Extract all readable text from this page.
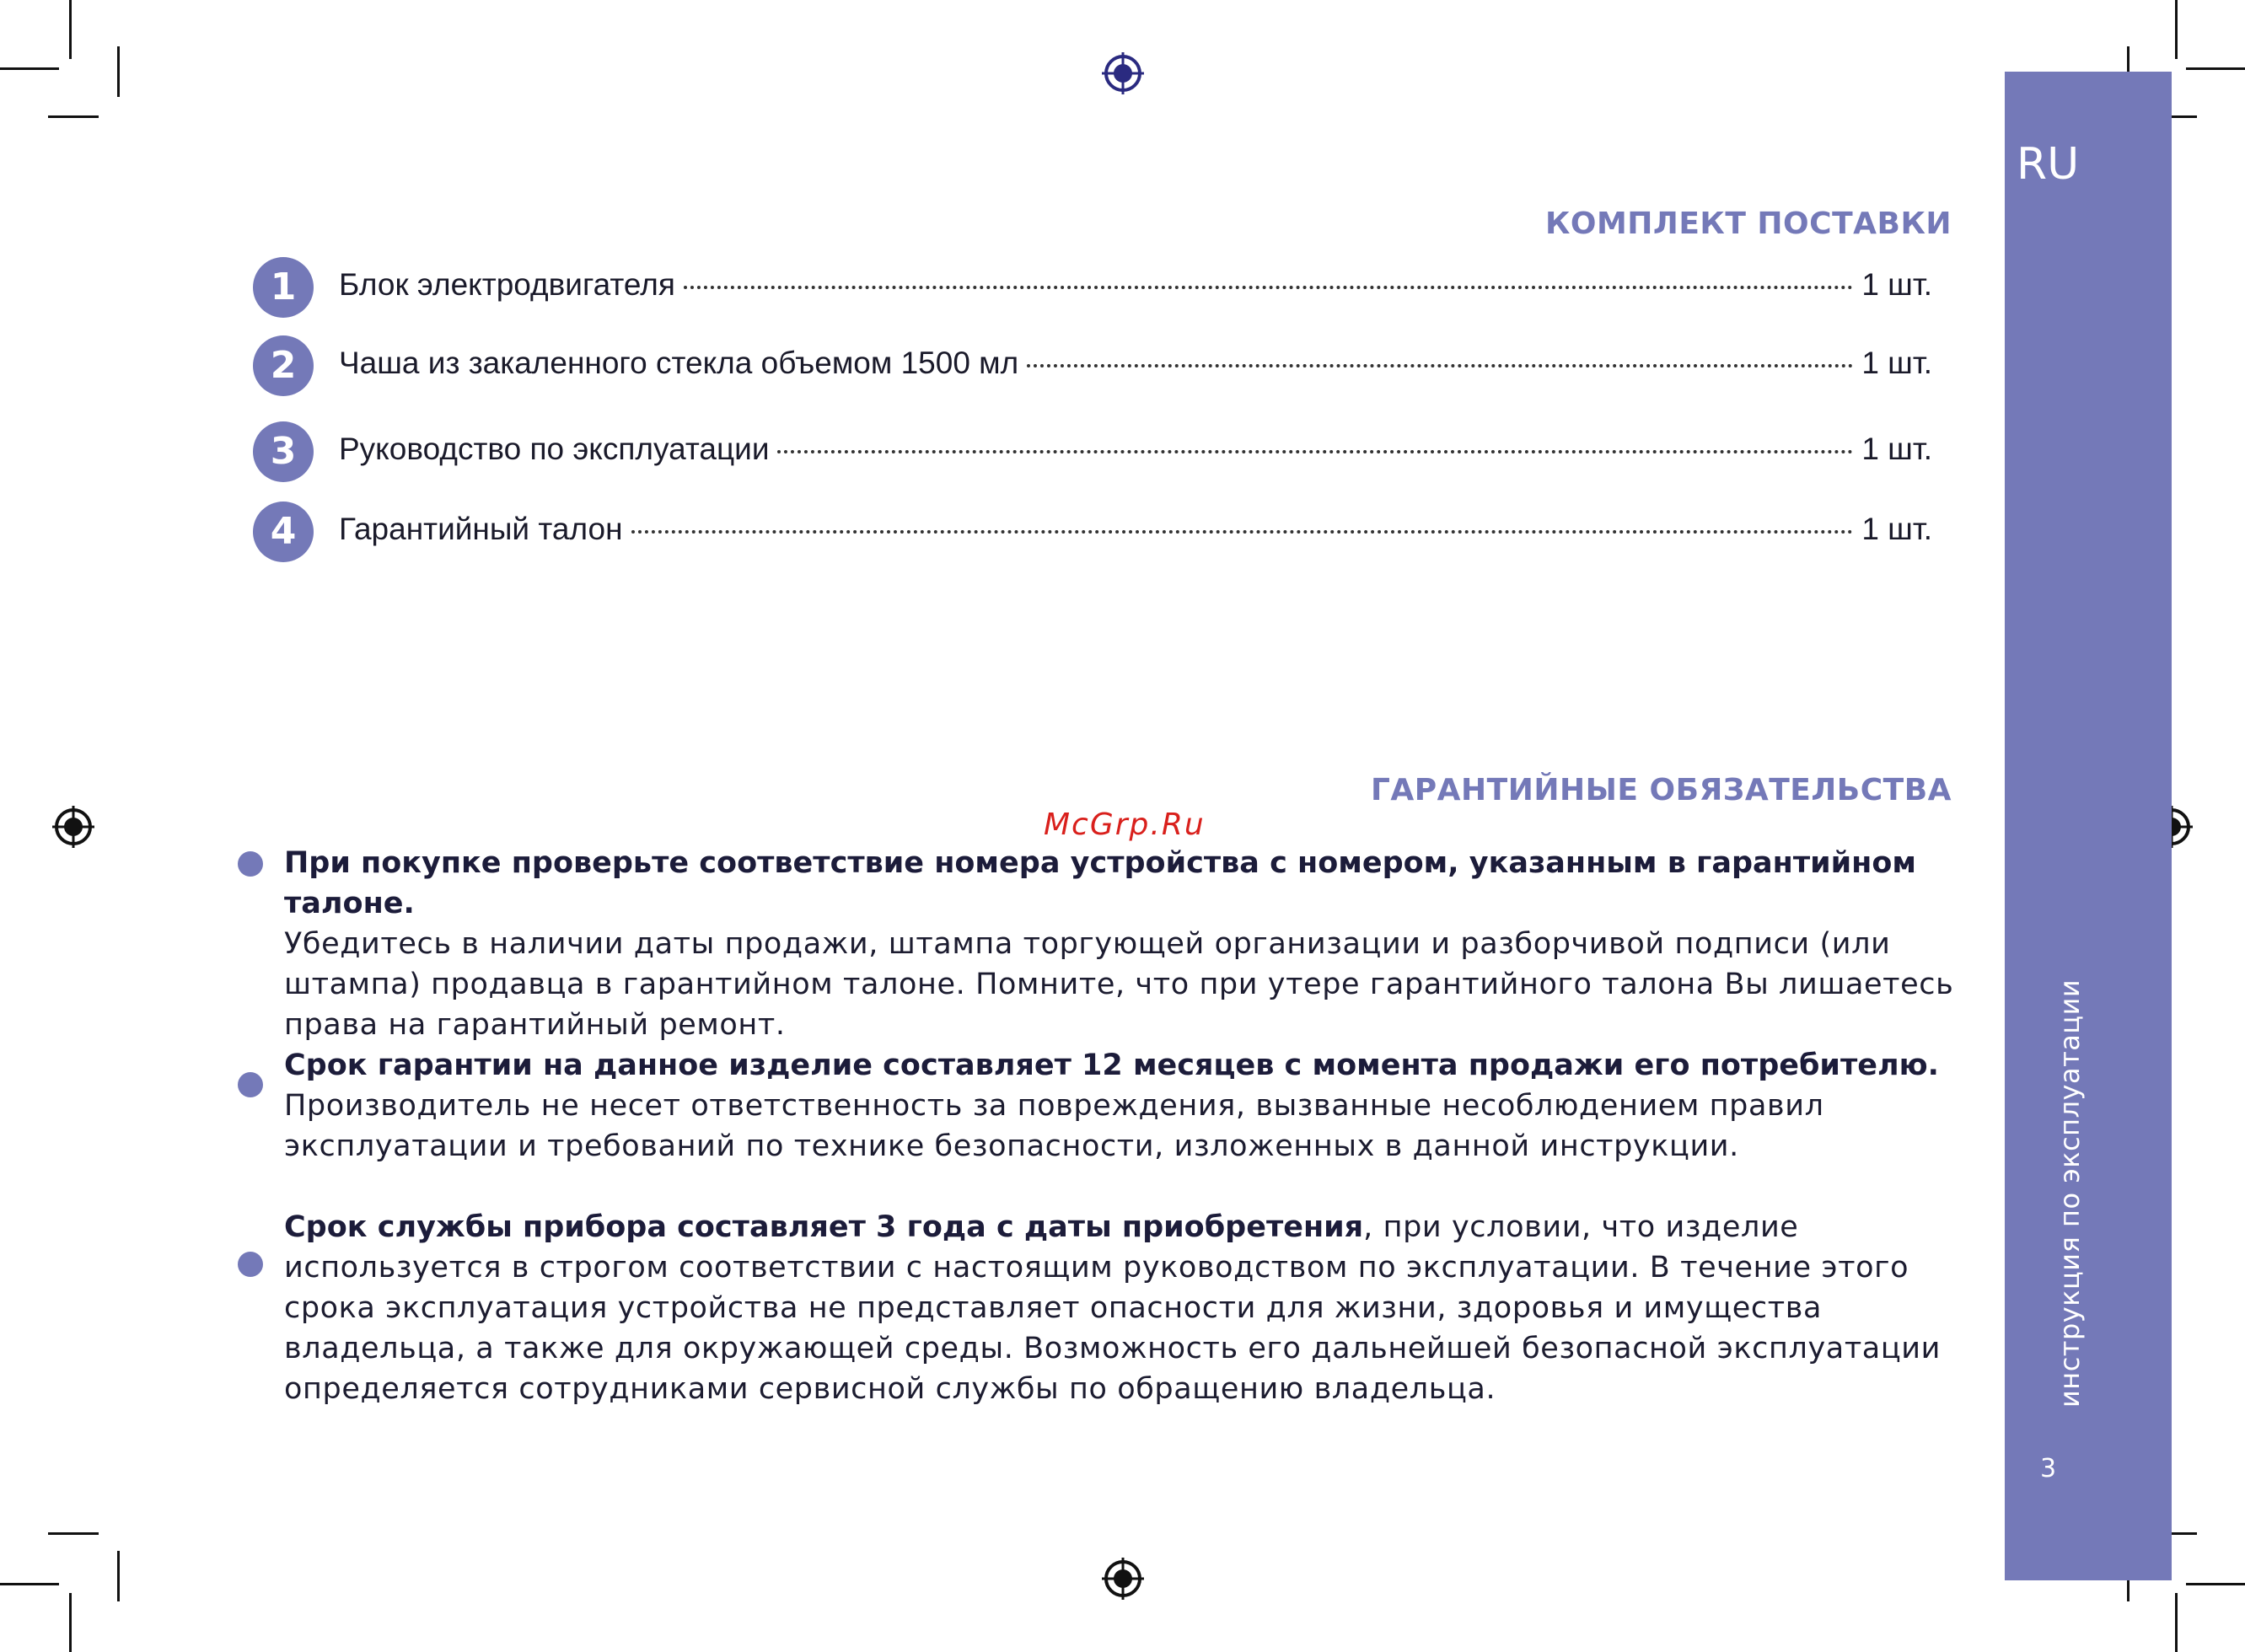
RU
инструкция по эксплуатации
3
КОМПЛЕКТ ПОСТАВКИ
1	Блок электродвигателя	1 шт.
2	Чаша из закаленного стекла объемом 1500 мл	1 шт.
3	Руководство по эксплуатации	1 шт.
4	Гарантийный талон	1 шт.
ГАРАНТИЙНЫЕ ОБЯЗАТЕЛЬСТВА
McGrp.Ru
При покупке проверьте соответствие номера устройства с номером, указанным в гарантийном талоне.
Убедитесь в наличии даты продажи, штампа торгующей организации и разборчивой подписи (или штампа) продавца в гарантийном талоне. Помните, что при утере гарантийного талона Вы лишаетесь права на гарантийный ремонт.
Срок гарантии на данное изделие составляет 12 месяцев с момента продажи его потребителю.
Производитель не несет ответственность за повреждения, вызванные несоблюдением правил эксплуатации и требований по технике безопасности, изложенных в данной инструкции.
Срок службы прибора составляет 3 года с даты приобретения, при условии, что изделие используется в строгом соответствии с настоящим руководством по эксплуатации. В течение этого срока эксплуатация устройства не представляет опасности для жизни, здоровья и имущества владельца, а также для окружающей среды. Возможность его дальнейшей безопасной эксплуатации определяется сотрудниками сервисной службы по обращению владельца.
